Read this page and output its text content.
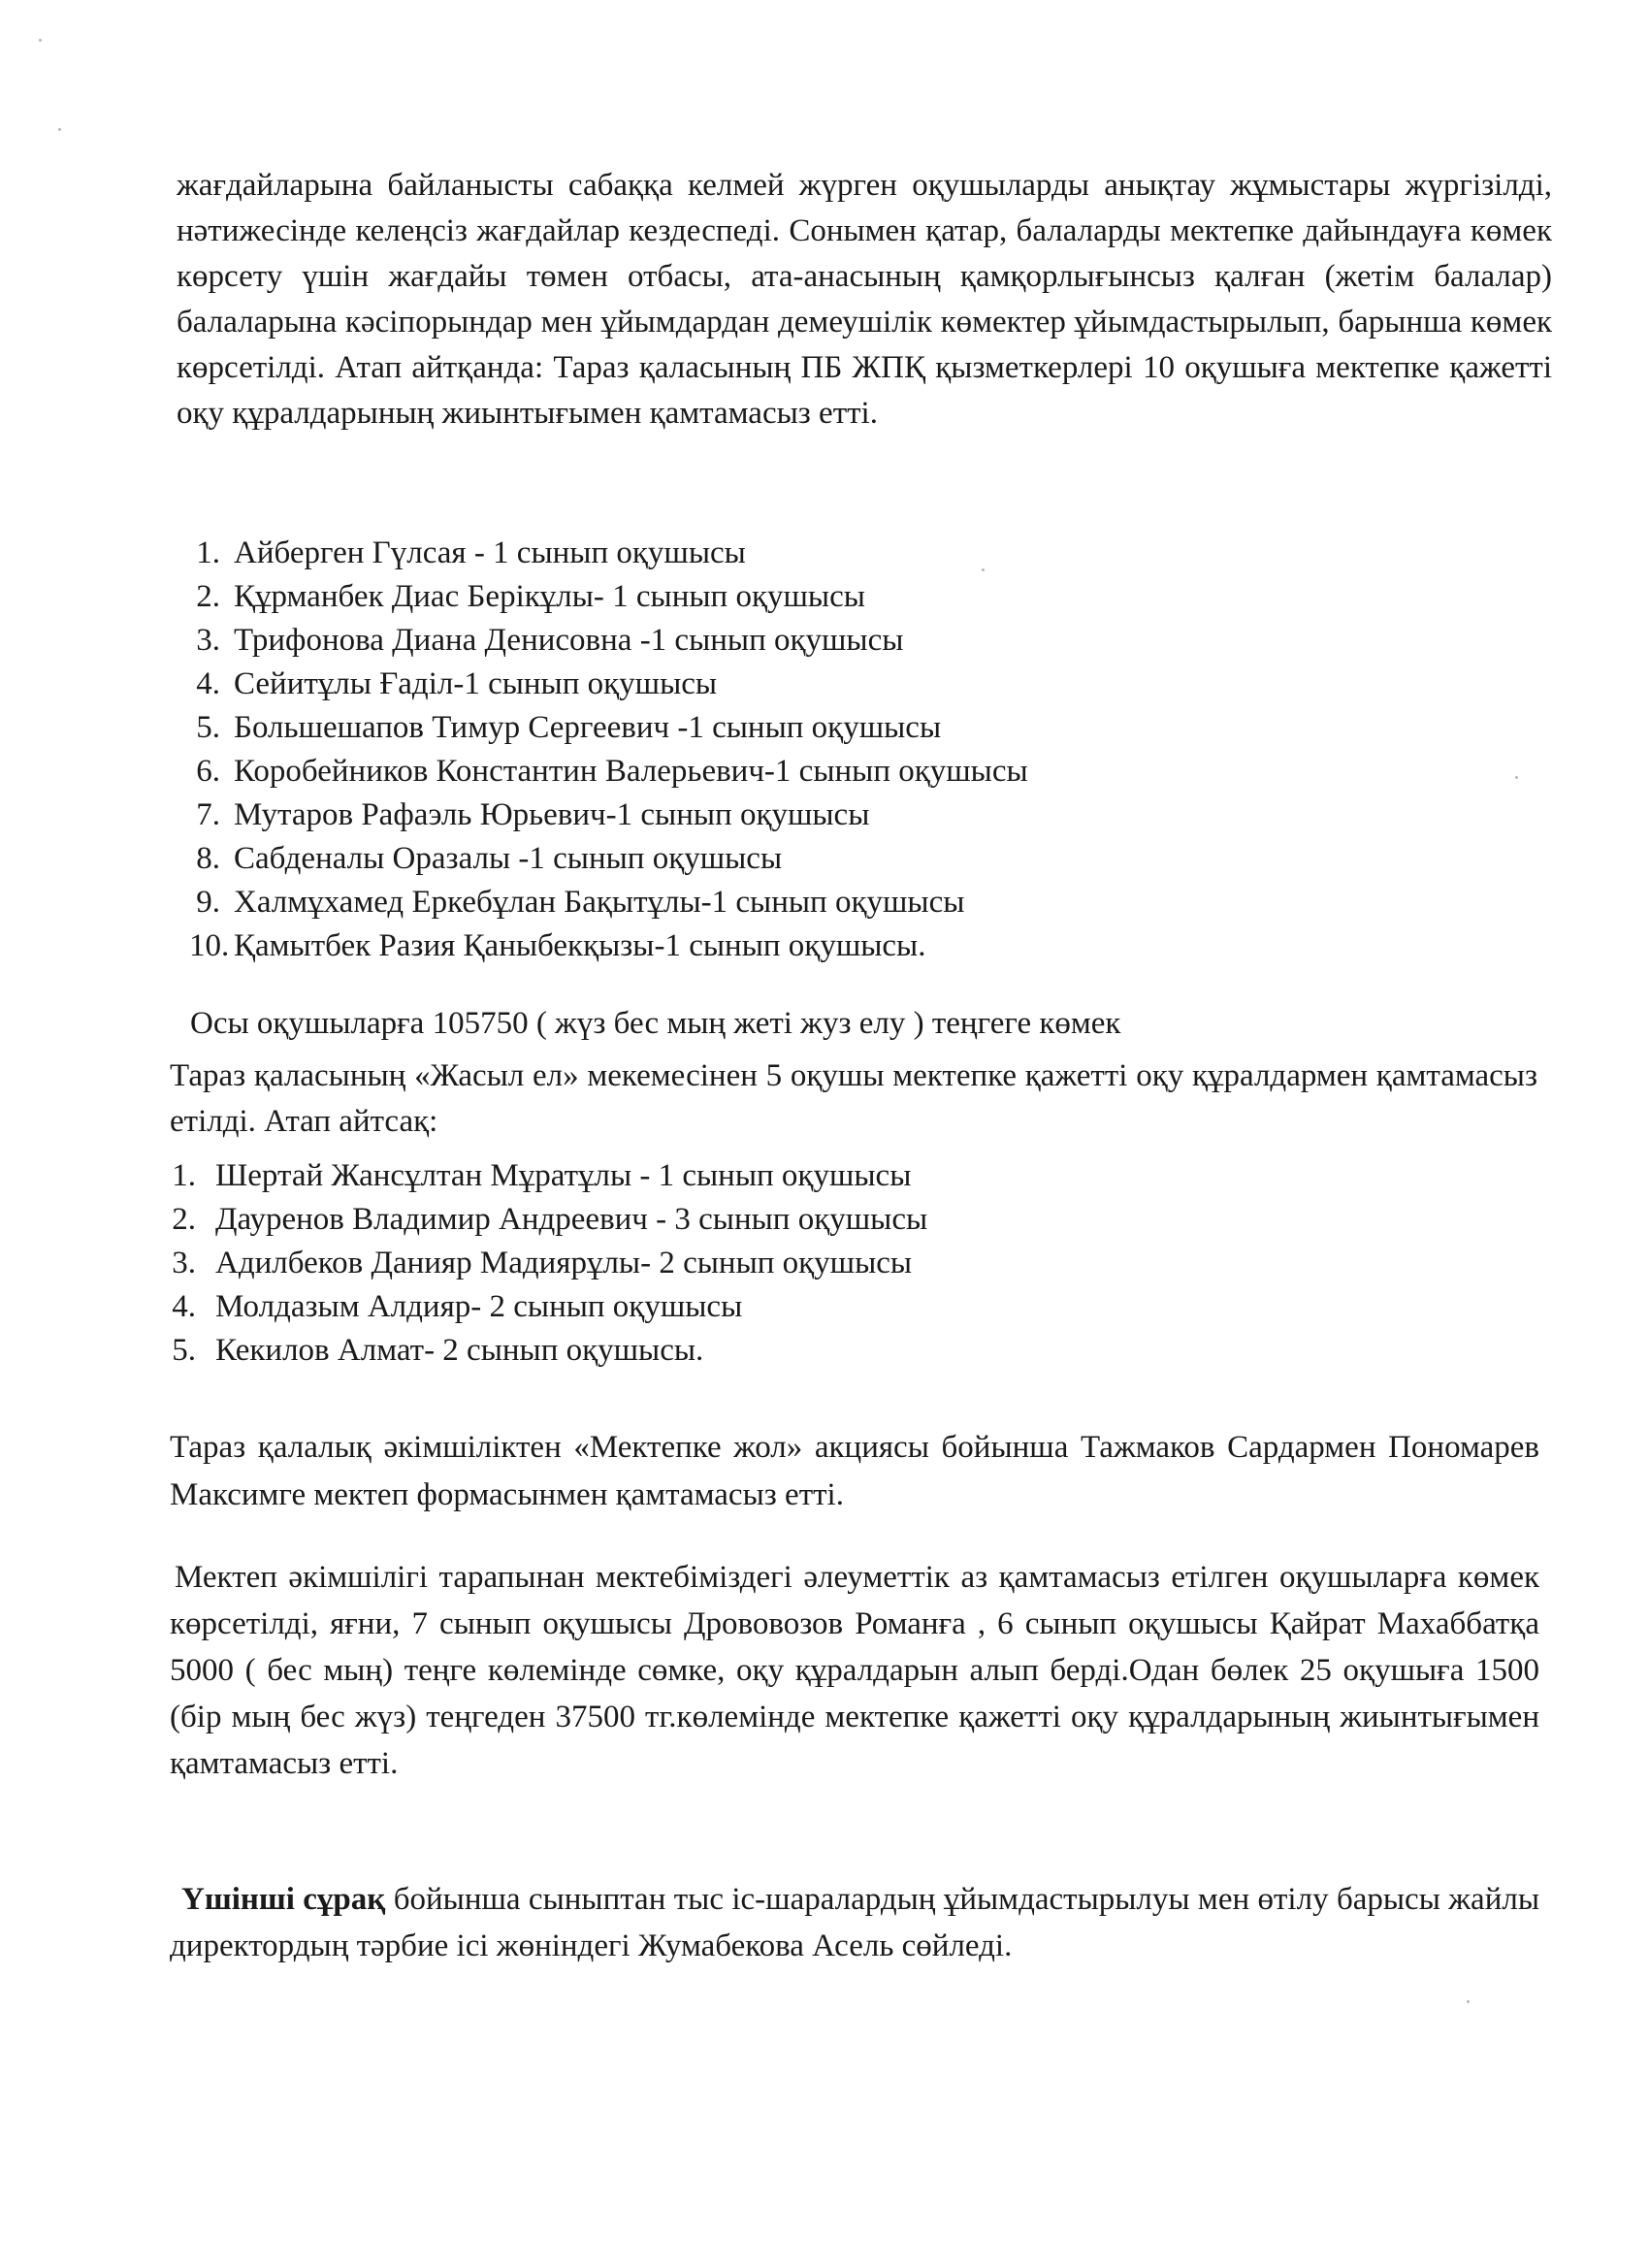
жағдайларына байланысты сабаққа келмей жүрген оқушыларды анықтау жұмыстары жүргізілді, нәтижесінде келеңсіз жағдайлар кездеспеді. Сонымен қатар, балаларды мектепке дайындауға көмек көрсету үшін жағдайы төмен отбасы, ата-анасының қамқорлығынсыз қалған (жетім балалар) балаларына кәсіпорындар мен ұйымдардан демеушілік көмектер ұйымдастырылып, барынша көмек көрсетілді. Атап айтқанда: Тараз қаласының ПБ ЖПҚ қызметкерлері 10 оқушыға мектепке қажетті оқу құралдарының жиынтығымен қамтамасыз етті.

1. Айберген Гүлсая - 1 сынып оқушысы
2. Құрманбек Диас Берікұлы- 1 сынып оқушысы
3. Трифонова Диана Денисовна -1 сынып оқушысы
4. Сейитұлы Ғаділ-1 сынып оқушысы
5. Большешапов Тимур Сергеевич -1 сынып оқушысы
6. Коробейников Константин Валерьевич-1 сынып оқушысы
7. Мутаров Рафаэль Юрьевич-1 сынып оқушысы
8. Сабденалы Оразалы -1 сынып оқушысы
9. Халмұхамед Еркебұлан Бақытұлы-1 сынып оқушысы
10. Қамытбек Разия Қаныбекқызы-1 сынып оқушысы.

Осы оқушыларға 105750 ( жүз бес мың жеті жуз елу ) теңгеге көмек

Тараз қаласының «Жасыл ел» мекемесінен 5 оқушы мектепке қажетті оқу құралдармен қамтамасыз етілді. Атап айтсақ:

1. Шертай Жансұлтан Мұратұлы - 1 сынып оқушысы
2. Дауренов Владимир Андреевич - 3 сынып оқушысы
3. Адилбеков Данияр Мадиярұлы- 2 сынып оқушысы
4. Молдазым Алдияр- 2 сынып оқушысы
5. Кекилов Алмат- 2 сынып оқушысы.

Тараз қалалық әкімшіліктен «Мектепке жол» акциясы бойынша Тажмаков Сардармен Пономарев Максимге мектеп формасынмен қамтамасыз етті.

Мектеп әкімшілігі тарапынан мектебіміздегі әлеуметтік аз қамтамасыз етілген оқушыларға көмек көрсетілді, яғни, 7 сынып оқушысы Дрововозов Романға , 6 сынып оқушысы Қайрат Махаббатқа 5000 ( бес мың) теңге көлемінде сөмке, оқу құралдарын алып берді.Одан бөлек 25 оқушыға 1500 (бір мың бес жүз) теңгеден 37500 тг.көлемінде мектепке қажетті оқу құралдарының жиынтығымен қамтамасыз етті.

Үшінші сұрақ бойынша сыныптан тыс іс-шаралардың ұйымдастырылуы мен өтілу барысы жайлы директордың тәрбие ісі жөніндегі Жумабекова Асель сөйледі.
